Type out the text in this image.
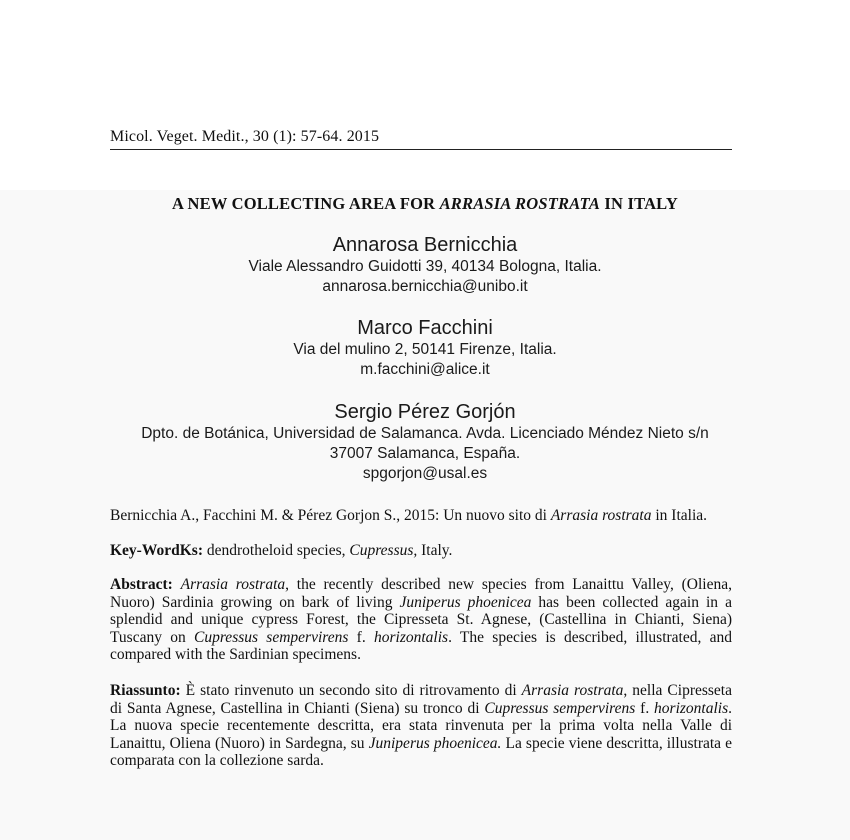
Micol. Veget. Medit., 30 (1): 57-64. 2015
A NEW COLLECTING AREA FOR ARRASIA ROSTRATA IN ITALY
Annarosa Bernicchia
Viale Alessandro Guidotti 39, 40134 Bologna, Italia.
annarosa.bernicchia@unibo.it
Marco Facchini
Via del mulino 2, 50141 Firenze, Italia.
m.facchini@alice.it
Sergio Pérez Gorjón
Dpto. de Botánica, Universidad de Salamanca. Avda. Licenciado Méndez Nieto s/n
37007 Salamanca, España.
spgorjon@usal.es
Bernicchia A., Facchini M. & Pérez Gorjon S., 2015: Un nuovo sito di Arrasia rostrata in Italia.
Key-WordKs: dendrotheloid species, Cupressus, Italy.
Abstract: Arrasia rostrata, the recently described new species from Lanaittu Valley, (Oliena, Nuoro) Sardinia growing on bark of living Juniperus phoenicea has been collected again in a splendid and unique cypress Forest, the Cipresseta St. Agnese, (Castellina in Chianti, Siena) Tuscany on Cupressus sempervirens f. horizontalis. The species is described, illustrated, and compared with the Sardinian specimens.
Riassunto: È stato rinvenuto un secondo sito di ritrovamento di Arrasia rostrata, nella Cipresseta di Santa Agnese, Castellina in Chianti (Siena) su tronco di Cupressus sempervirens f. horizontalis. La nuova specie recentemente descritta, era stata rinvenuta per la prima volta nella Valle di Lanaittu, Oliena (Nuoro) in Sardegna, su Juniperus phoenicea. La specie viene descritta, illustrata e comparata con la collezione sarda.
